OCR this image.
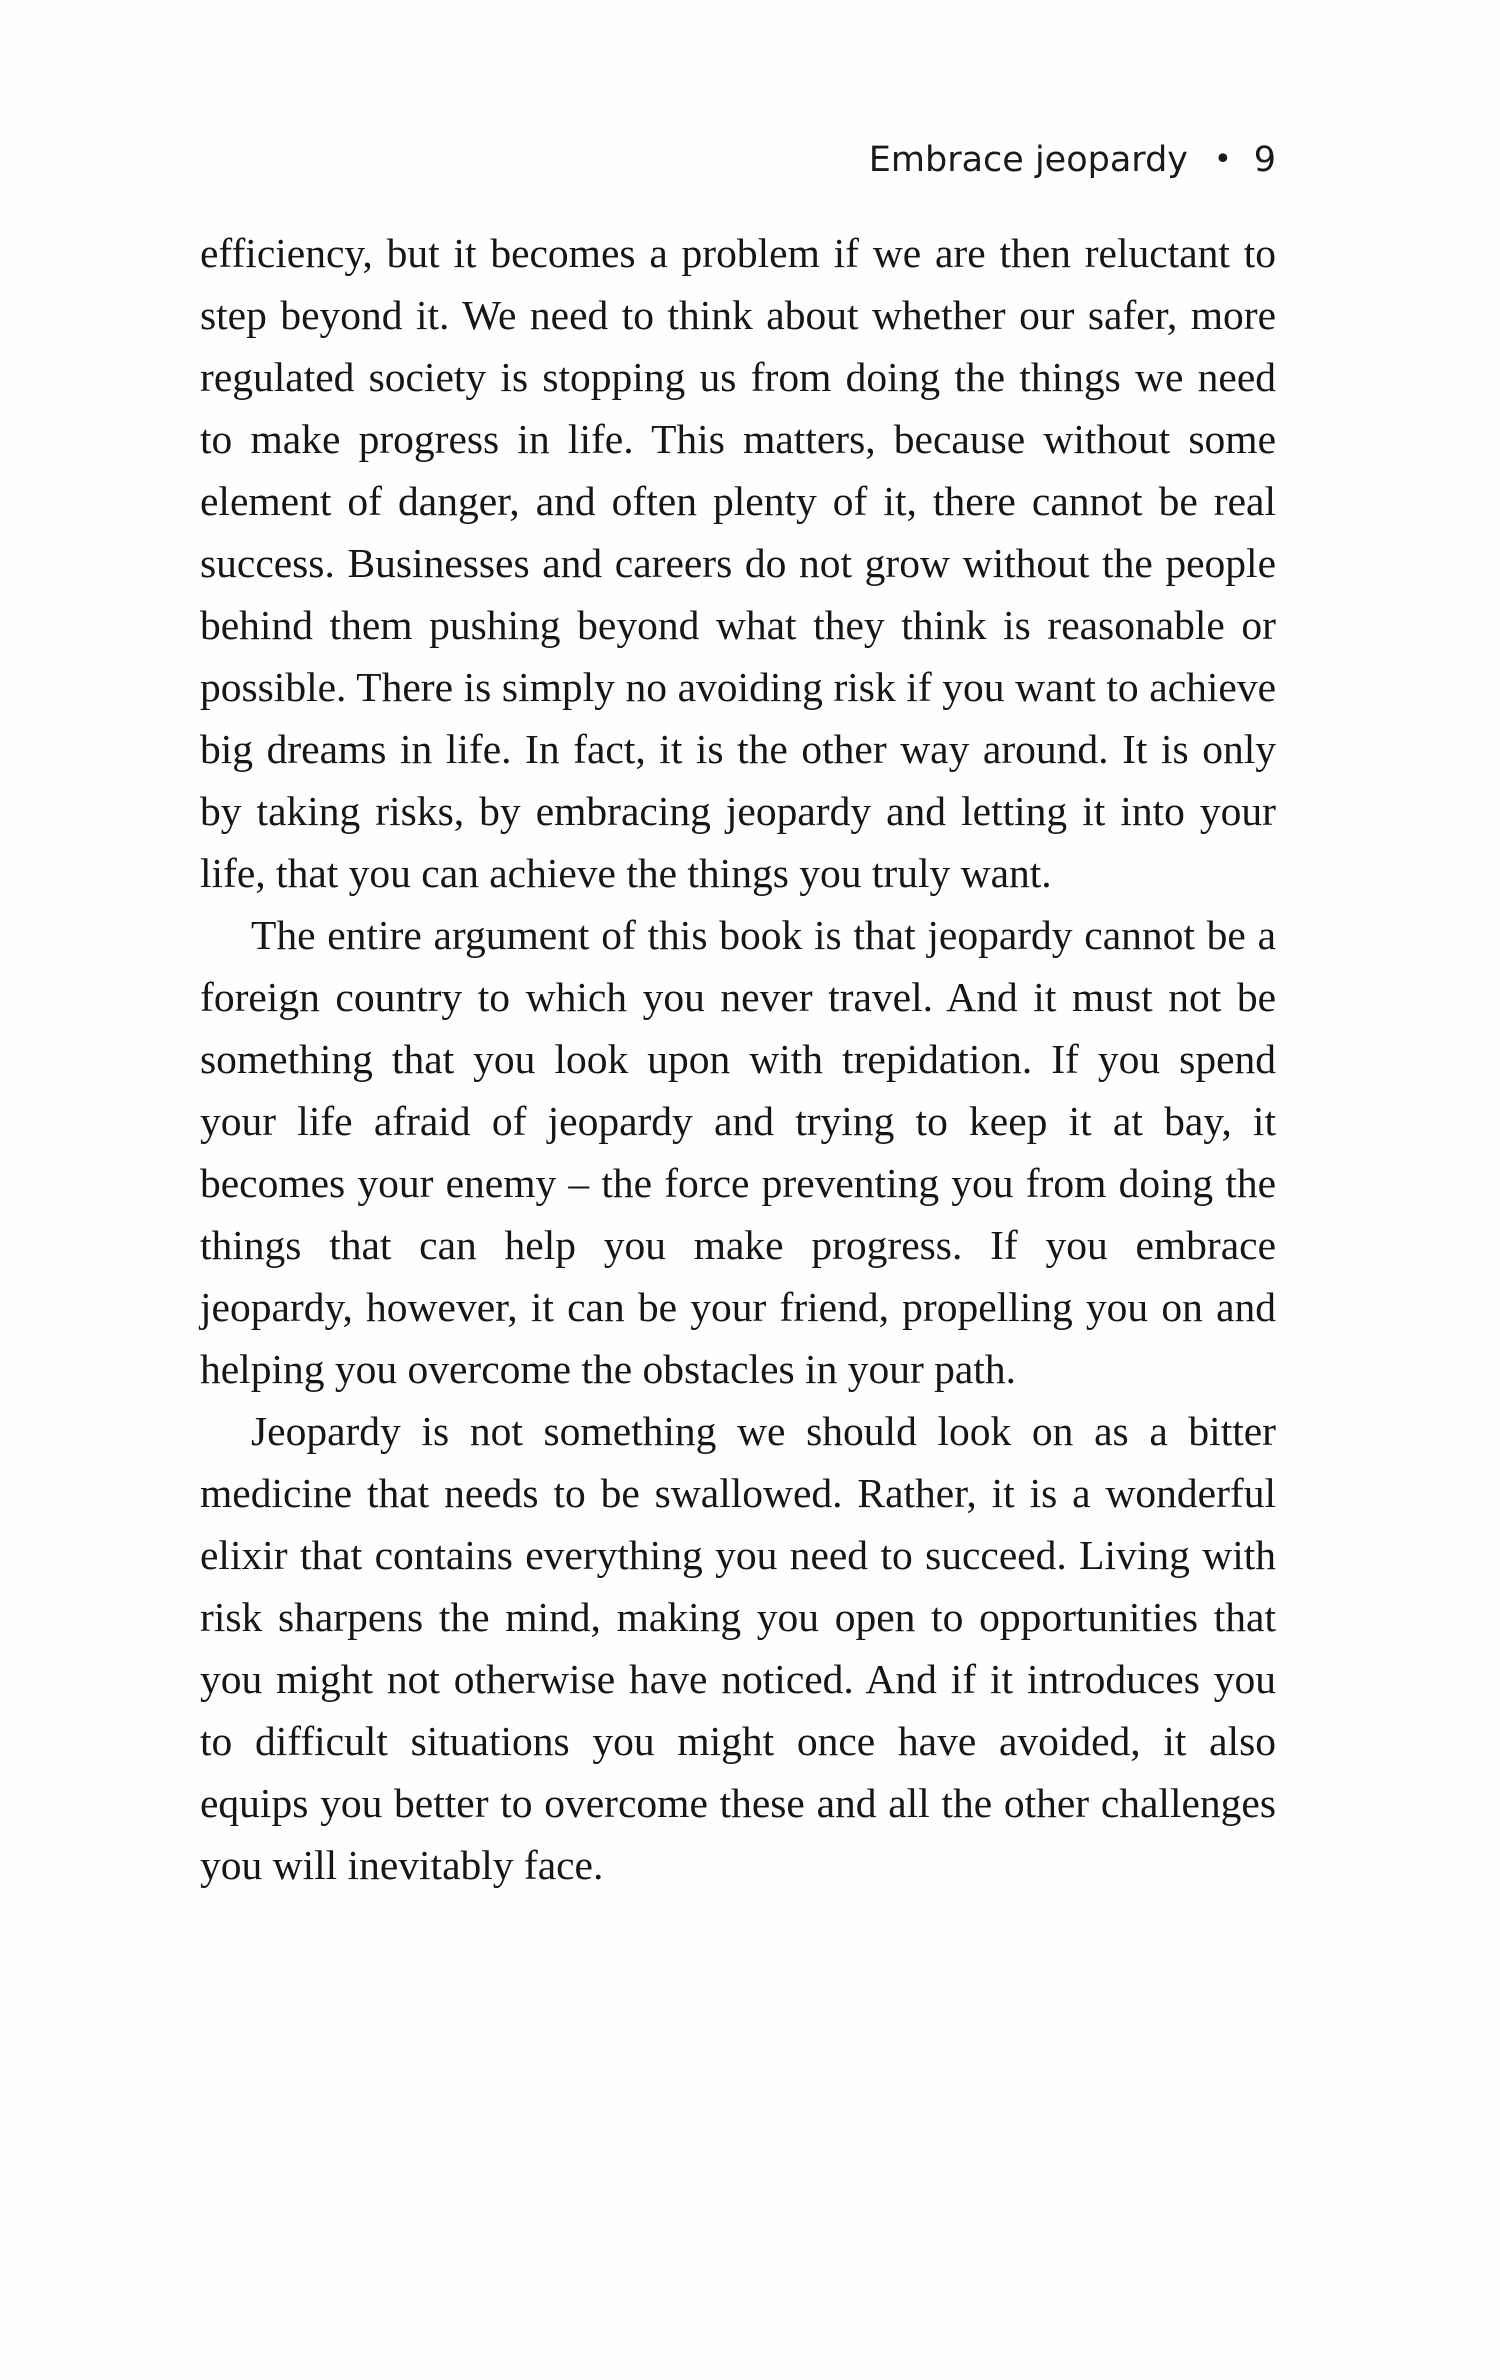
Embrace jeopardy • 9

efficiency, but it becomes a problem if we are then reluctant to step beyond it. We need to think about whether our safer, more regulated society is stopping us from doing the things we need to make progress in life. This matters, because without some element of danger, and often plenty of it, there cannot be real success. Businesses and careers do not grow without the people behind them pushing beyond what they think is reasonable or possible. There is simply no avoiding risk if you want to achieve big dreams in life. In fact, it is the other way around. It is only by taking risks, by embracing jeopardy and letting it into your life, that you can achieve the things you truly want.

The entire argument of this book is that jeopardy cannot be a foreign country to which you never travel. And it must not be something that you look upon with trepidation. If you spend your life afraid of jeopardy and trying to keep it at bay, it becomes your enemy – the force preventing you from doing the things that can help you make progress. If you embrace jeopardy, however, it can be your friend, propelling you on and helping you overcome the obstacles in your path.

Jeopardy is not something we should look on as a bitter medicine that needs to be swallowed. Rather, it is a wonderful elixir that contains everything you need to succeed. Living with risk sharpens the mind, making you open to opportunities that you might not otherwise have noticed. And if it introduces you to difficult situations you might once have avoided, it also equips you better to overcome these and all the other challenges you will inevitably face.
